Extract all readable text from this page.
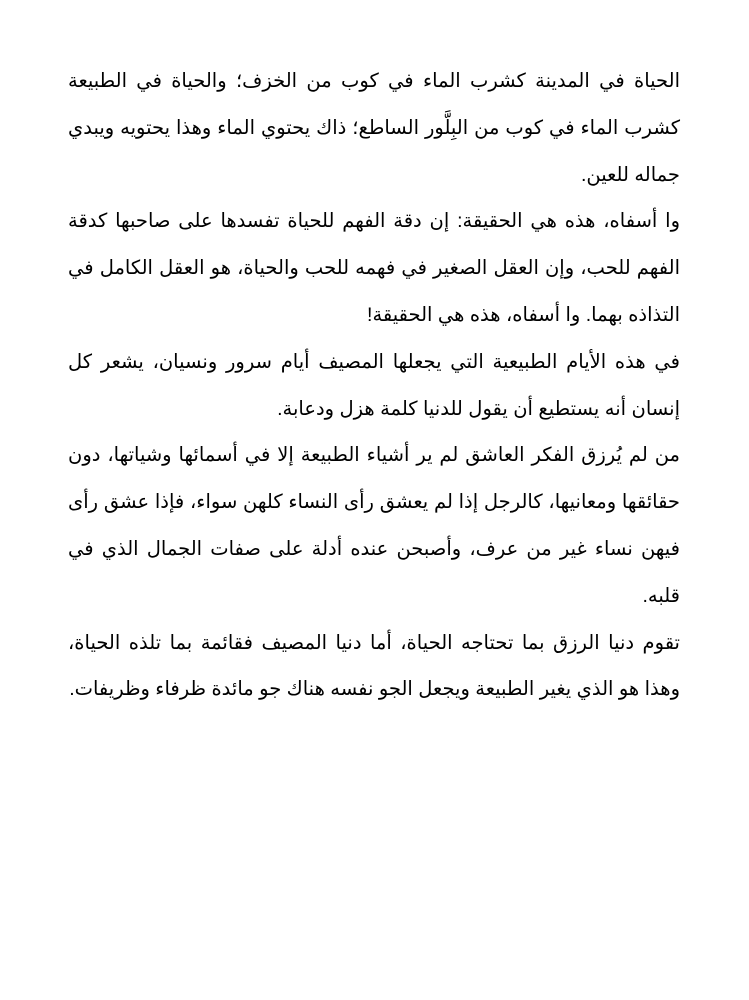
الحياة في المدينة كشرب الماء في كوب من الخزف؛ والحياة في الطبيعة كشرب الماء في كوب من البِلَّور الساطع؛ ذاك يحتوي الماء وهذا يحتويه ويبدي جماله للعين.

وا أسفاه، هذه هي الحقيقة: إن دقة الفهم للحياة تفسدها على صاحبها كدقة الفهم للحب، وإن العقل الصغير في فهمه للحب والحياة، هو العقل الكامل في التذاذه بهما. وا أسفاه، هذه هي الحقيقة!

في هذه الأيام الطبيعية التي يجعلها المصيف أيام سرور ونسيان، يشعر كل إنسان أنه يستطيع أن يقول للدنيا كلمة هزل ودعابة.

من لم يُرزق الفكر العاشق لم ير أشياء الطبيعة إلا في أسمائها وشياتها، دون حقائقها ومعانيها، كالرجل إذا لم يعشق رأى النساء كلهن سواء، فإذا عشق رأى فيهن نساء غير من عرف، وأصبحن عنده أدلة على صفات الجمال الذي في قلبه.

تقوم دنيا الرزق بما تحتاجه الحياة، أما دنيا المصيف فقائمة بما تلذه الحياة، وهذا هو الذي يغير الطبيعة ويجعل الجو نفسه هناك جو مائدة ظرفاء وظريفات.
